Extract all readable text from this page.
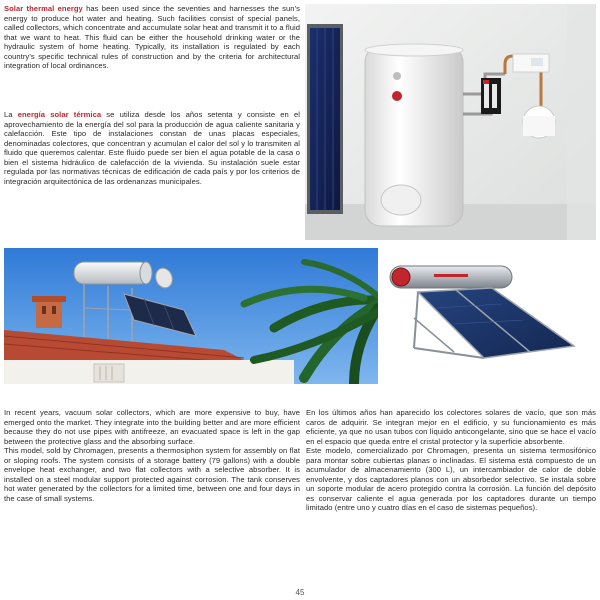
Solar thermal energy has been used since the seventies and harnesses the sun’s energy to produce hot water and heating. Such facilities consist of special panels, called collectors, which concentrate and accumulate solar heat and transmit it to a fluid that we want to heat. This fluid can be either the household drinking water or the hydraulic system of home heating. Typically, its installation is regulated by each country’s specific technical rules of construction and by the criteria for architectural integration of local ordinances.
La energía solar térmica se utiliza desde los años setenta y consiste en el aprovechamiento de la energía del sol para la producción de agua caliente sanitaria y calefacción. Este tipo de instalaciones constan de unas placas especiales, denominadas colectores, que concentran y acumulan el calor del sol y lo transmiten al fluido que queremos calentar. Este fluido puede ser bien el agua potable de la casa o bien el sistema hidráulico de calefacción de la vivienda. Su instalación suele estar regulada por las normativas técnicas de edificación de cada país y por los criterios de integración arquitectónica de las ordenanzas municipales.

In recent years, vacuum solar collectors, which are more expensive to buy, have emerged onto the market. They integrate into the building better and are more efficient because they do not use pipes with antifreeze, an evacuated space is left in the gap between the protective glass and the absorbing surface.

This model, sold by Chromagen, presents a thermosiphon system for assembly on flat or sloping roofs. The system consists of a storage battery (79 gallons) with a double envelope heat exchanger, and two flat collectors with a selective absorber. It is installed on a steel modular support protected against corrosion. The tank conserves hot water generated by the collectors for a limited time, between one and four days in the case of small systems.

En los últimos años han aparecido los colectores solares de vacío, que son más caros de adquirir. Se integran mejor en el edificio, y su funcionamiento es más eficiente, ya que no usan tubos con líquido anticongelante, sino que se hace el vacío en el espacio que queda entre el cristal protector y la superficie absorbente.

Este modelo, comercializado por Chromagen, presenta un sistema termosifónico para montar sobre cubiertas planas o inclinadas. El sistema está compuesto de un acumulador de almacenamiento (300 L), un intercambiador de calor de doble envolvente, y dos captadores planos con un absorbedor selectivo. Se instala sobre un soporte modular de acero protegido contra la corrosión. La función del depósito es conservar caliente el agua generada por los captadores durante un tiempo limitado (entre uno y cuatro días en el caso de sistemas pequeños).

45
